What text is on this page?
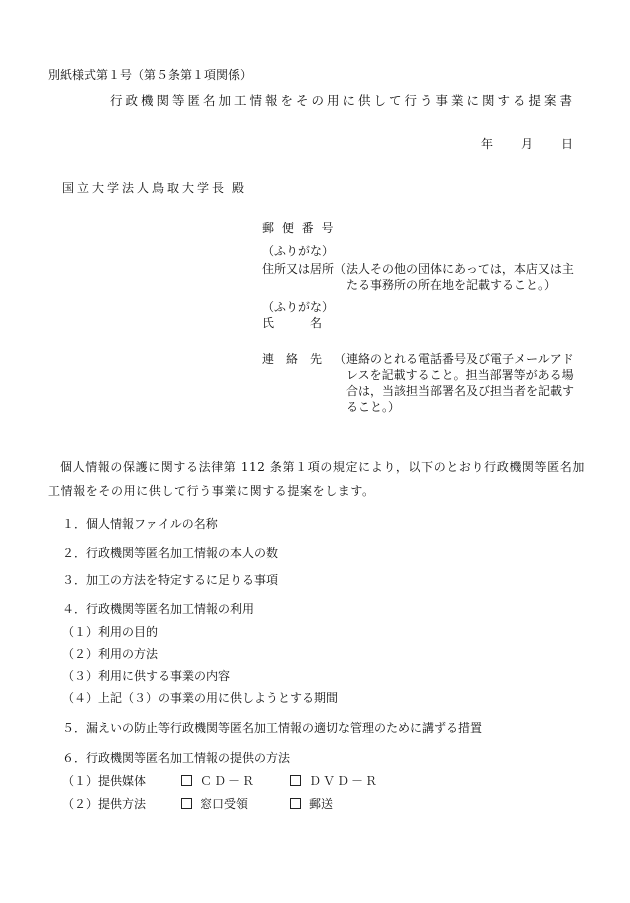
別紙様式第１号（第５条第１項関係）
行政機関等匿名加工情報をその用に供して行う事業に関する提案書
年 月 日
国立大学法人鳥取大学長 殿
郵 便 番 号
（ふりがな）
住所又は居所 （法人その他の団体にあっては，本店又は主たる事務所の所在地を記載すること。）
（ふりがな）
氏　　　名
連　絡　先 （連絡のとれる電話番号及び電子メールアドレスを記載すること。担当部署等がある場合は，当該担当部署名及び担当者を記載すること。）
個人情報の保護に関する法律第 112 条第１項の規定により，以下のとおり行政機関等匿名加工情報をその用に供して行う事業に関する提案をします。
１．個人情報ファイルの名称
２．行政機関等匿名加工情報の本人の数
３．加工の方法を特定するに足りる事項
４．行政機関等匿名加工情報の利用
（１）利用の目的
（２）利用の方法
（３）利用に供する事業の内容
（４）上記（３）の事業の用に供しようとする期間
５．漏えいの防止等行政機関等匿名加工情報の適切な管理のために講ずる措置
６．行政機関等匿名加工情報の提供の方法
（１）提供媒体
（２）提供方法
ＣＤ－Ｒ	ＤＶＤ－Ｒ
窓口受領	郵送
